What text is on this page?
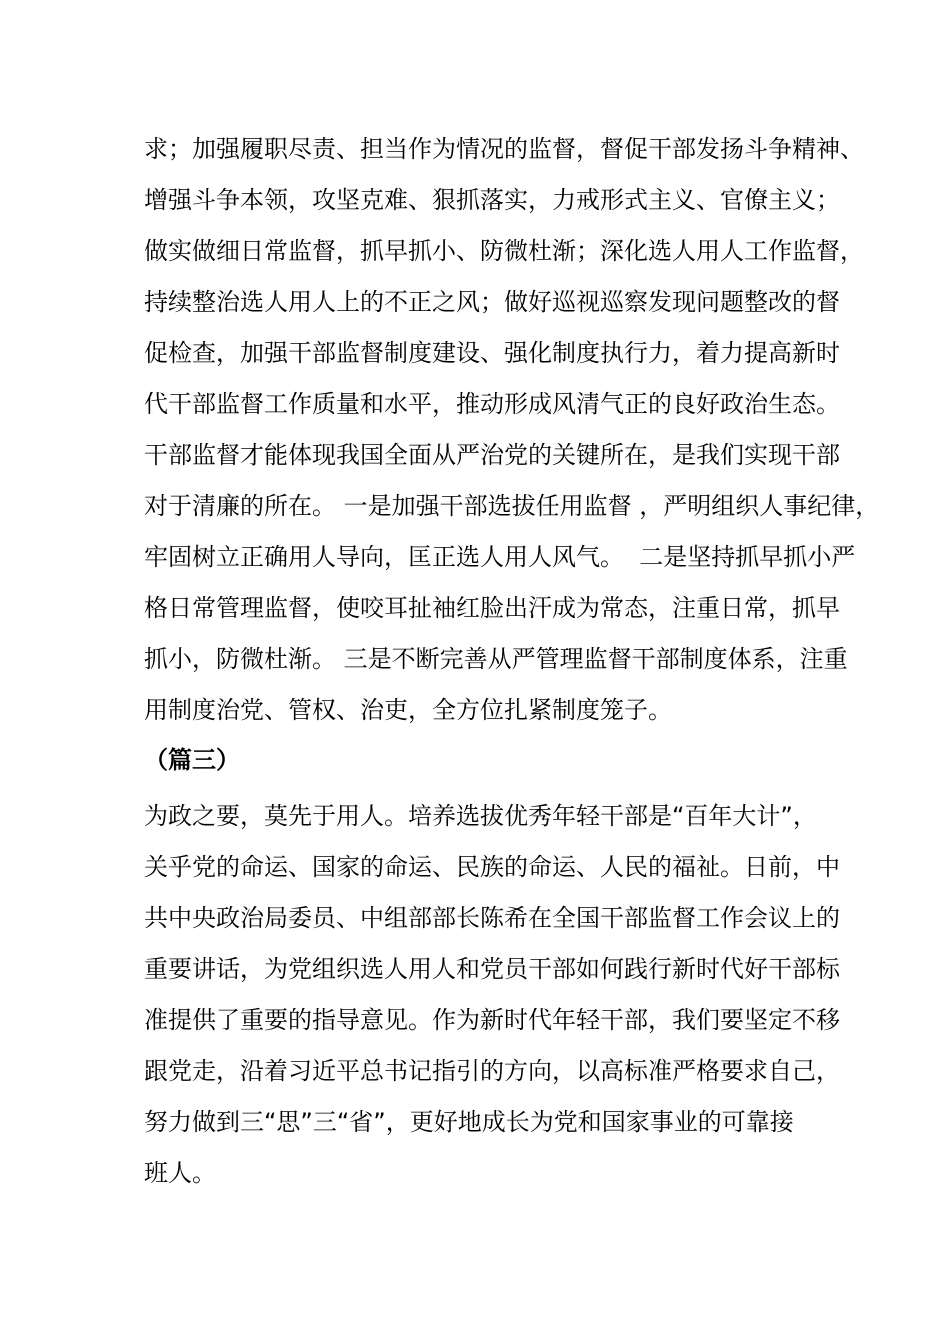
求；加强履职尽责、担当作为情况的监督，督促干部发扬斗争精神、
增强斗争本领，攻坚克难、狠抓落实，力戒形式主义、官僚主义；
做实做细日常监督，抓早抓小、防微杜渐；深化选人用人工作监督，
持续整治选人用人上的不正之风；做好巡视巡察发现问题整改的督
促检查，加强干部监督制度建设、强化制度执行力，着力提高新时
代干部监督工作质量和水平，推动形成风清气正的良好政治生态。
干部监督才能体现我国全面从严治党的关键所在，是我们实现干部
对于清廉的所在。 一是加强干部选拔任用监督 ，严明组织人事纪律，
牢固树立正确用人导向，匡正选人用人风气。  二是坚持抓早抓小严
格日常管理监督，使咬耳扯袖红脸出汗成为常态，注重日常，抓早
抓小，防微杜渐。 三是不断完善从严管理监督干部制度体系，注重
用制度治党、管权、治吏，全方位扎紧制度笼子。
（篇三）
为政之要，莫先于用人。培养选拔优秀年轻干部是“百年大计”，
关乎党的命运、国家的命运、民族的命运、人民的福祉。日前，中
共中央政治局委员、中组部部长陈希在全国干部监督工作会议上的
重要讲话，为党组织选人用人和党员干部如何践行新时代好干部标
准提供了重要的指导意见。作为新时代年轻干部，我们要坚定不移
跟党走，沿着习近平总书记指引的方向，以高标准严格要求自己，
努力做到三“思”三“省”，更好地成长为党和国家事业的可靠接
班人。
